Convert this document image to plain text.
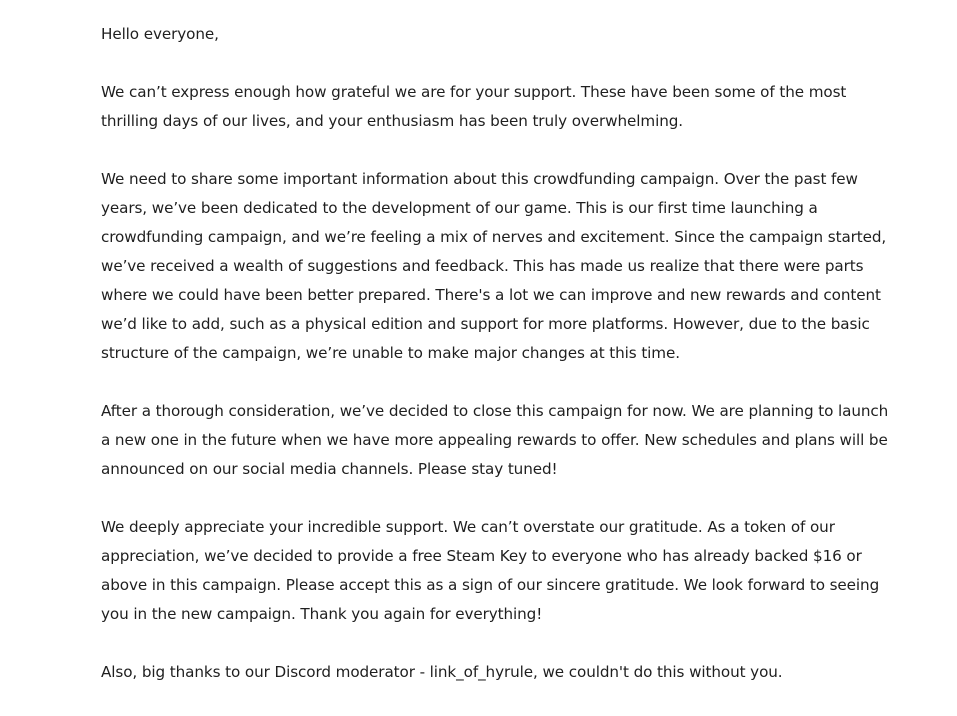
Hello everyone,

We can’t express enough how grateful we are for your support. These have been some of the most thrilling days of our lives, and your enthusiasm has been truly overwhelming.

We need to share some important information about this crowdfunding campaign. Over the past few years, we’ve been dedicated to the development of our game. This is our first time launching a crowdfunding campaign, and we’re feeling a mix of nerves and excitement. Since the campaign started, we’ve received a wealth of suggestions and feedback. This has made us realize that there were parts where we could have been better prepared. There's a lot we can improve and new rewards and content we’d like to add, such as a physical edition and support for more platforms. However, due to the basic structure of the campaign, we’re unable to make major changes at this time.

After a thorough consideration, we’ve decided to close this campaign for now. We are planning to launch a new one in the future when we have more appealing rewards to offer. New schedules and plans will be announced on our social media channels. Please stay tuned!

We deeply appreciate your incredible support. We can’t overstate our gratitude. As a token of our appreciation, we’ve decided to provide a free Steam Key to everyone who has already backed $16 or above in this campaign. Please accept this as a sign of our sincere gratitude. We look forward to seeing you in the new campaign. Thank you again for everything!

Also, big thanks to our Discord moderator - link_of_hyrule, we couldn't do this without you.
